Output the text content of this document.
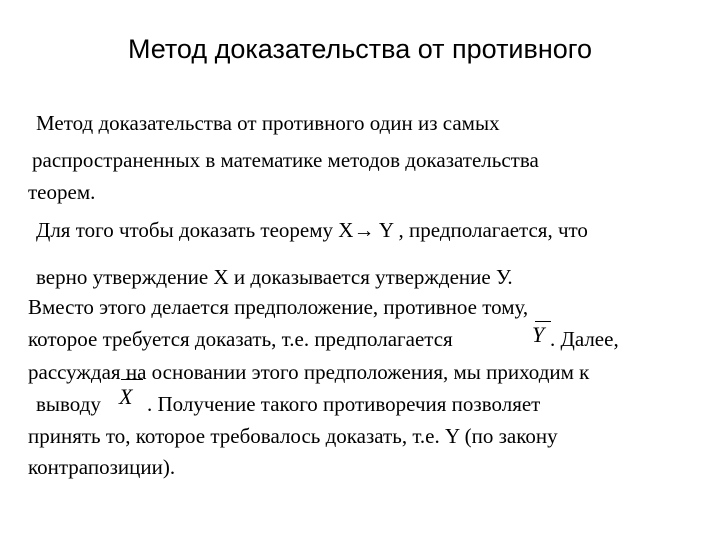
Метод доказательства от противного
Метод доказательства от противного один из самых
распространенных в математике методов доказательства
теорем.
Для того чтобы доказать теорему X→ Y , предполагается, что
верно утверждение X и доказывается утверждение У.
Вместо этого делается предположение, противное тому,
которое требуется доказать, т.е. предполагается	Y . Далее,
рассуждая на основании этого предположения, мы приходим к
выводу X . Получение такого противоречия позволяет
принять то, которое требовалось доказать, т.е. Y (по закону
контрапозиции).
